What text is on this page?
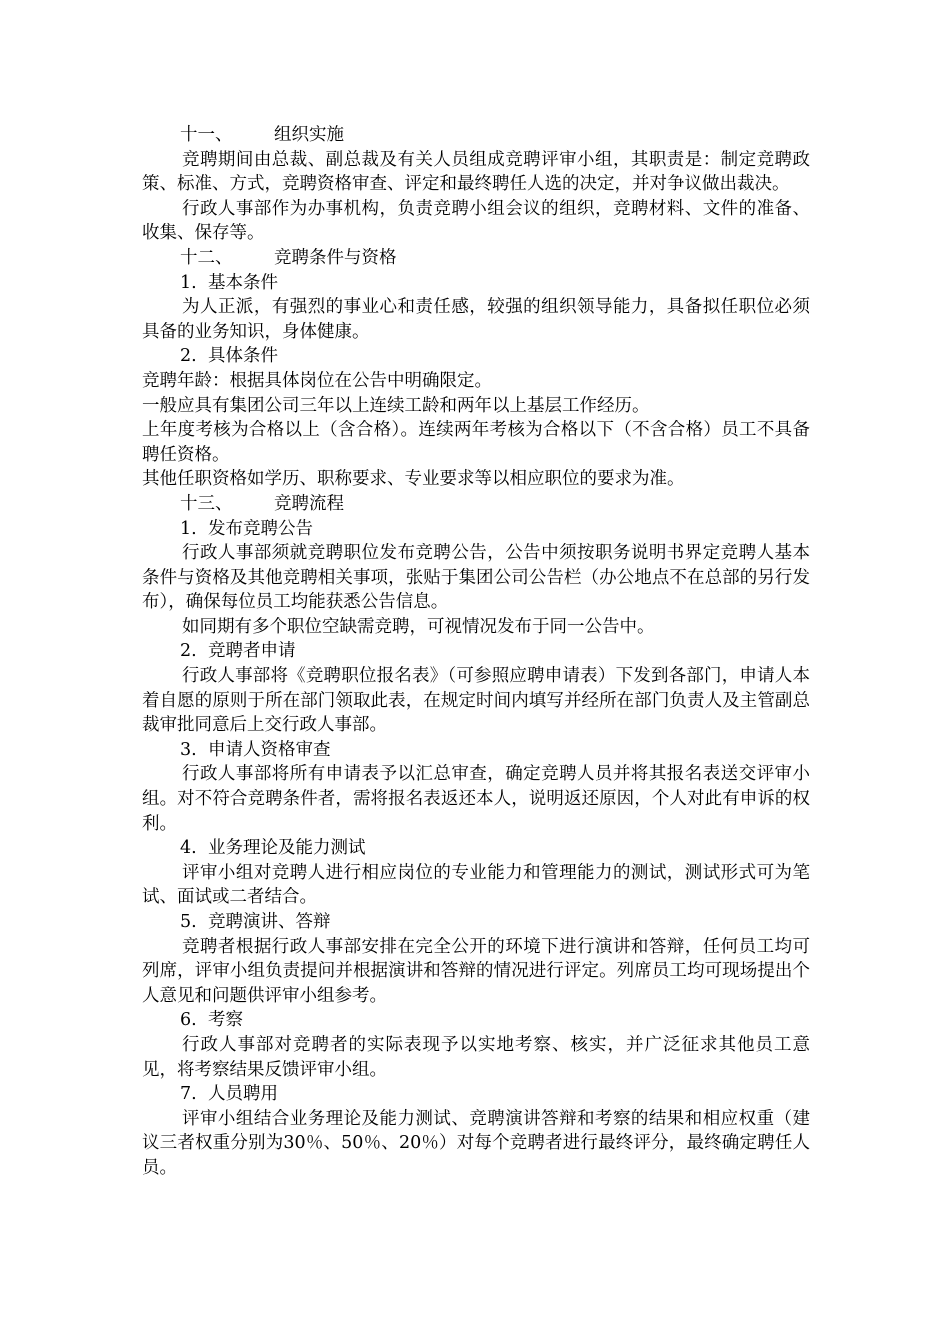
十一、 组织实施
竞聘期间由总裁、副总裁及有关人员组成竞聘评审小组，其职责是：制定竞聘政策、标准、方式，竞聘资格审查、评定和最终聘任人选的决定，并对争议做出裁决。
行政人事部作为办事机构，负责竞聘小组会议的组织，竞聘材料、文件的准备、收集、保存等。
十二、 竞聘条件与资格
1. 基本条件
为人正派，有强烈的事业心和责任感，较强的组织领导能力，具备拟任职位必须具备的业务知识，身体健康。
2. 具体条件
竞聘年龄：根据具体岗位在公告中明确限定。
一般应具有集团公司三年以上连续工龄和两年以上基层工作经历。
上年度考核为合格以上（含合格）。连续两年考核为合格以下（不含合格）员工不具备聘任资格。
其他任职资格如学历、职称要求、专业要求等以相应职位的要求为准。
十三、 竞聘流程
1. 发布竞聘公告
行政人事部须就竞聘职位发布竞聘公告，公告中须按职务说明书界定竞聘人基本条件与资格及其他竞聘相关事项，张贴于集团公司公告栏（办公地点不在总部的另行发布），确保每位员工均能获悉公告信息。
如同期有多个职位空缺需竞聘，可视情况发布于同一公告中。
2. 竞聘者申请
行政人事部将《竞聘职位报名表》（可参照应聘申请表）下发到各部门，申请人本着自愿的原则于所在部门领取此表，在规定时间内填写并经所在部门负责人及主管副总裁审批同意后上交行政人事部。
3. 申请人资格审查
行政人事部将所有申请表予以汇总审查，确定竞聘人员并将其报名表送交评审小组。对不符合竞聘条件者，需将报名表返还本人，说明返还原因，个人对此有申诉的权利。
4. 业务理论及能力测试
评审小组对竞聘人进行相应岗位的专业能力和管理能力的测试，测试形式可为笔试、面试或二者结合。
5. 竞聘演讲、答辩
竞聘者根据行政人事部安排在完全公开的环境下进行演讲和答辩，任何员工均可列席，评审小组负责提问并根据演讲和答辩的情况进行评定。列席员工均可现场提出个人意见和问题供评审小组参考。
6. 考察
行政人事部对竞聘者的实际表现予以实地考察、核实，并广泛征求其他员工意见，将考察结果反馈评审小组。
7. 人员聘用
评审小组结合业务理论及能力测试、竞聘演讲答辩和考察的结果和相应权重（建议三者权重分别为30％、50％、20％）对每个竞聘者进行最终评分，最终确定聘任人员。
